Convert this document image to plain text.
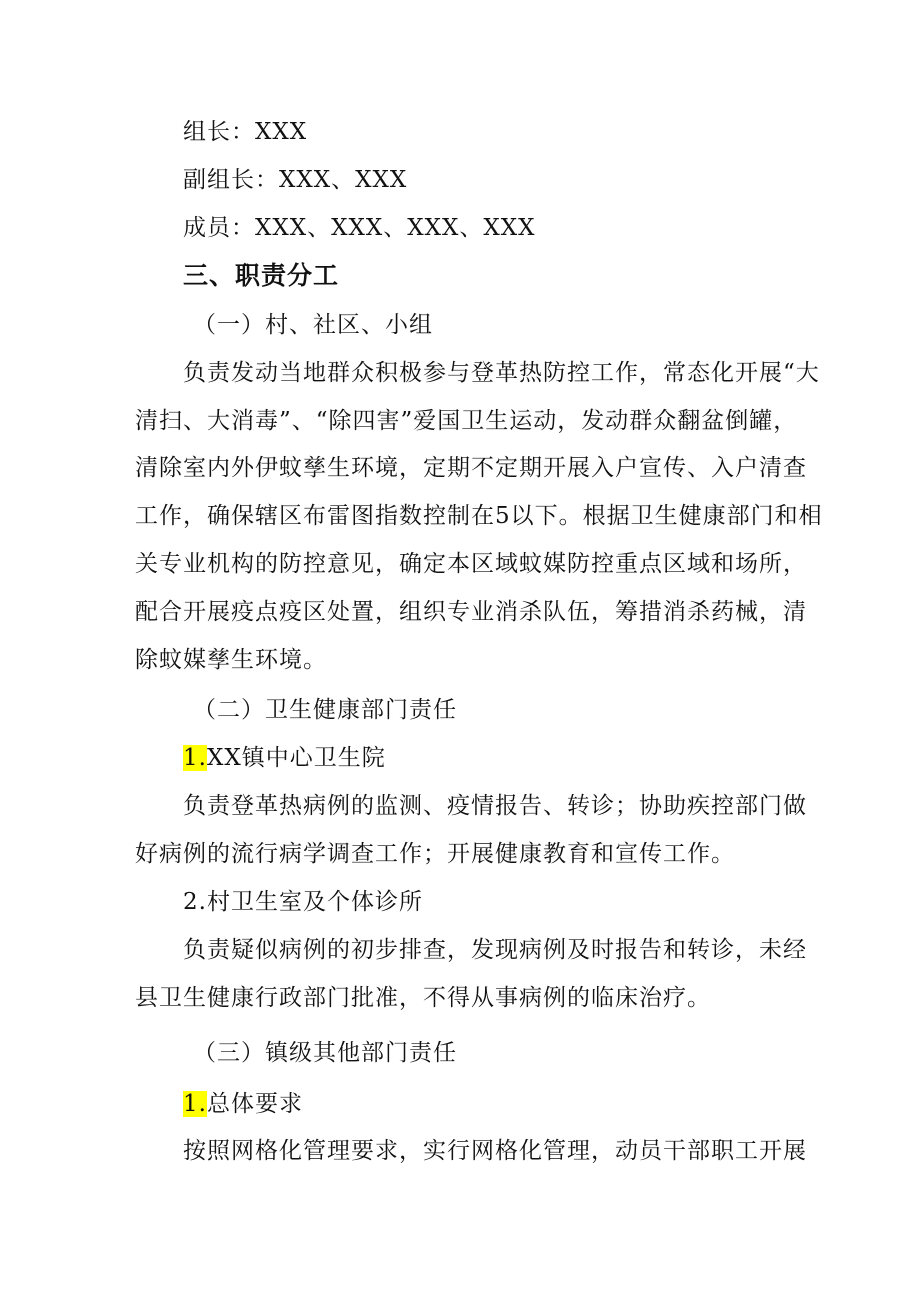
组长：XXX
副组长：XXX、XXX
成员：XXX、XXX、XXX、XXX
三、职责分工
（一）村、社区、小组
负责发动当地群众积极参与登革热防控工作，常态化开展“大
清扫、大消毒”、“除四害”爱国卫生运动，发动群众翻盆倒罐，
清除室内外伊蚊孳生环境，定期不定期开展入户宣传、入户清查
工作，确保辖区布雷图指数控制在5以下。根据卫生健康部门和相
关专业机构的防控意见，确定本区域蚊媒防控重点区域和场所，
配合开展疫点疫区处置，组织专业消杀队伍，筹措消杀药械，清
除蚊媒孳生环境。
（二）卫生健康部门责任
1.XX镇中心卫生院
负责登革热病例的监测、疫情报告、转诊；协助疾控部门做
好病例的流行病学调查工作；开展健康教育和宣传工作。
2.村卫生室及个体诊所
负责疑似病例的初步排查，发现病例及时报告和转诊，未经
县卫生健康行政部门批准，不得从事病例的临床治疗。
（三）镇级其他部门责任
1.总体要求
按照网格化管理要求，实行网格化管理，动员干部职工开展
